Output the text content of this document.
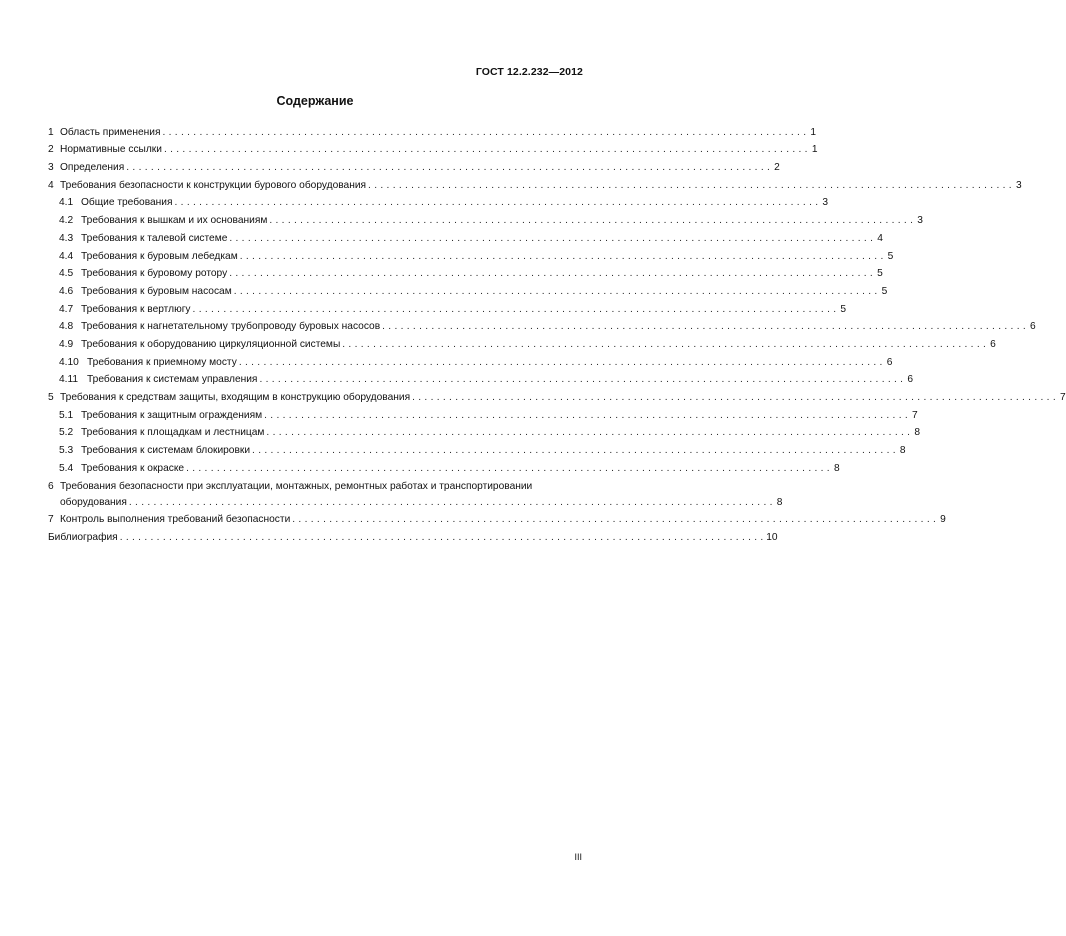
ГОСТ 12.2.232—2012
Содержание
1 Область применения . . .	1
2 Нормативные ссылки . . .	1
3 Определения . . .	2
4 Требования безопасности к конструкции бурового оборудования . . .	3
4.1 Общие требования . . .	3
4.2 Требования к вышкам и их основаниям . . .	3
4.3 Требования к талевой системе . . .	4
4.4 Требования к буровым лебедкам . . .	5
4.5 Требования к буровому ротору . . .	5
4.6 Требования к буровым насосам . . .	5
4.7 Требования к вертлюгу . . .	5
4.8 Требования к нагнетательному трубопроводу буровых насосов . . .	6
4.9 Требования к оборудованию циркуляционной системы . . .	6
4.10 Требования к приемному мосту . . .	6
4.11 Требования к системам управления . . .	6
5 Требования к средствам защиты, входящим в конструкцию оборудования . . .	7
5.1 Требования к защитным ограждениям . . .	7
5.2 Требования к площадкам и лестницам . . .	8
5.3 Требования к системам блокировки . . .	8
5.4 Требования к окраске . . .	8
6 Требования безопасности при эксплуатации, монтажных, ремонтных работах и транспортировании
оборудования . . .	8
7 Контроль выполнения требований безопасности . . .	9
Библиография . . .	10
III
